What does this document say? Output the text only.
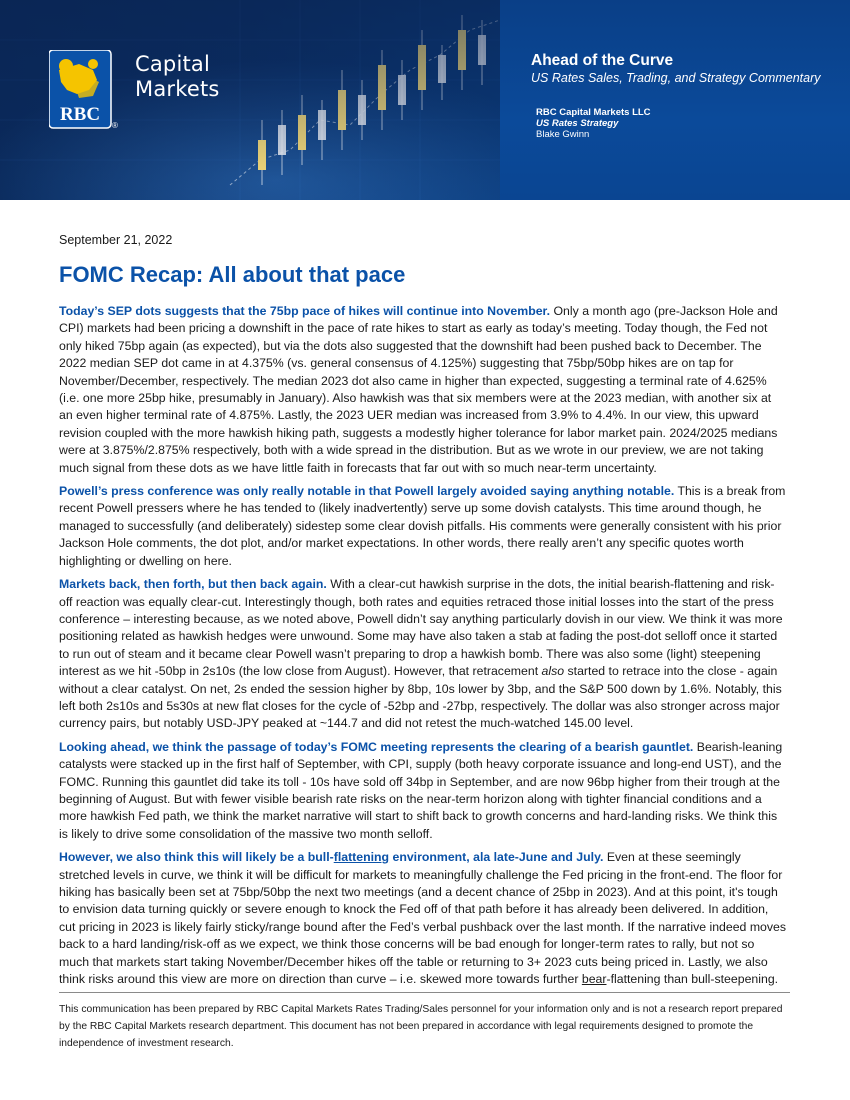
RBC
®
Capital
Markets
Ahead of the Curve
US Rates Sales, Trading, and Strategy Commentary
RBC Capital Markets LLC
US Rates Strategy
Blake Gwinn
September 21, 2022
FOMC Recap: All about that pace

Today’s SEP dots suggests that the 75bp pace of hikes will continue into November. Only a month ago (pre-Jackson Hole and CPI) markets had been pricing a downshift in the pace of rate hikes to start as early as today’s meeting. Today though, the Fed not only hiked 75bp again (as expected), but via the dots also suggested that the downshift had been pushed back to December. The 2022 median SEP dot came in at 4.375% (vs. general consensus of 4.125%) suggesting that 75bp/50bp hikes are on tap for November/December, respectively. The median 2023 dot also came in higher than expected, suggesting a terminal rate of 4.625% (i.e. one more 25bp hike, presumably in January). Also hawkish was that six members were at the 2023 median, with another six at an even higher terminal rate of 4.875%. Lastly, the 2023 UER median was increased from 3.9% to 4.4%. In our view, this upward revision coupled with the more hawkish hiking path, suggests a modestly higher tolerance for labor market pain. 2024/2025 medians were at 3.875%/2.875% respectively, both with a wide spread in the distribution. But as we wrote in our preview, we are not taking much signal from these dots as we have little faith in forecasts that far out with so much near-term uncertainty.

Powell’s press conference was only really notable in that Powell largely avoided saying anything notable. This is a break from recent Powell pressers where he has tended to (likely inadvertently) serve up some dovish catalysts. This time around though, he managed to successfully (and deliberately) sidestep some clear dovish pitfalls. His comments were generally consistent with his prior Jackson Hole comments, the dot plot, and/or market expectations. In other words, there really aren’t any specific quotes worth highlighting or dwelling on here.

Markets back, then forth, but then back again. With a clear-cut hawkish surprise in the dots, the initial bearish-flattening and risk-off reaction was equally clear-cut. Interestingly though, both rates and equities retraced those initial losses into the start of the press conference – interesting because, as we noted above, Powell didn’t say anything particularly dovish in our view. We think it was more positioning related as hawkish hedges were unwound. Some may have also taken a stab at fading the post-dot selloff once it started to run out of steam and it became clear Powell wasn’t preparing to drop a hawkish bomb. There was also some (light) steepening interest as we hit -50bp in 2s10s (the low close from August). However, that retracement also started to retrace into the close - again without a clear catalyst. On net, 2s ended the session higher by 8bp, 10s lower by 3bp, and the S&P 500 down by 1.6%. Notably, this left both 2s10s and 5s30s at new flat closes for the cycle of -52bp and -27bp, respectively. The dollar was also stronger across major currency pairs, but notably USD-JPY peaked at ~144.7 and did not retest the much-watched 145.00 level.

Looking ahead, we think the passage of today’s FOMC meeting represents the clearing of a bearish gauntlet. Bearish-leaning catalysts were stacked up in the first half of September, with CPI, supply (both heavy corporate issuance and long-end UST), and the FOMC. Running this gauntlet did take its toll - 10s have sold off 34bp in September, and are now 96bp higher from their trough at the beginning of August. But with fewer visible bearish rate risks on the near-term horizon along with tighter financial conditions and a more hawkish Fed path, we think the market narrative will start to shift back to growth concerns and hard-landing risks. We think this is likely to drive some consolidation of the massive two month selloff.

However, we also think this will likely be a bull-flattening environment, ala late-June and July. Even at these seemingly stretched levels in curve, we think it will be difficult for markets to meaningfully challenge the Fed pricing in the front-end. The floor for hiking has basically been set at 75bp/50bp the next two meetings (and a decent chance of 25bp in 2023). And at this point, it's tough to envision data turning quickly or severe enough to knock the Fed off of that path before it has already been delivered. In addition, cut pricing in 2023 is likely fairly sticky/range bound after the Fed’s verbal pushback over the last month. If the narrative indeed moves back to a hard landing/risk-off as we expect, we think those concerns will be bad enough for longer-term rates to rally, but not so much that markets start taking November/December hikes off the table or returning to 3+ 2023 cuts being priced in. Lastly, we also think risks around this view are more on direction than curve – i.e. skewed more towards further bear-flattening than bull-steepening.

This communication has been prepared by RBC Capital Markets Rates Trading/Sales personnel for your information only and is not a research report prepared by the RBC Capital Markets research department. This document has not been prepared in accordance with legal requirements designed to promote the independence of investment research.
